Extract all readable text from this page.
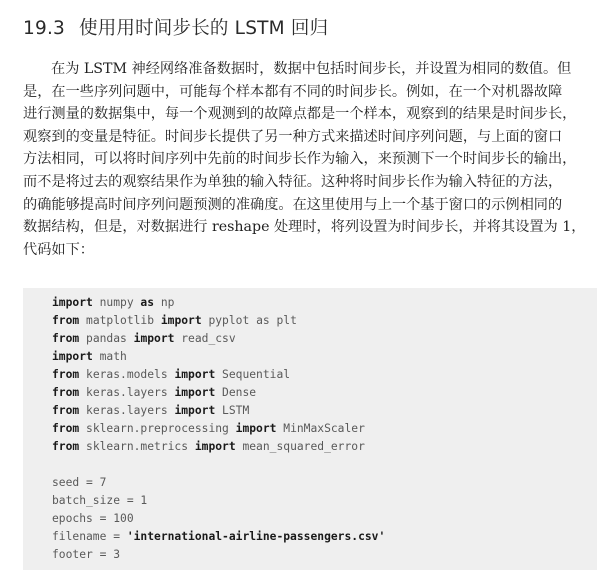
19.3 使用用时间步长的 LSTM 回归
在为 LSTM 神经网络准备数据时，数据中包括时间步长，并设置为相同的数值。但
是，在一些序列问题中，可能每个样本都有不同的时间步长。例如，在一个对机器故障
进行测量的数据集中，每一个观测到的故障点都是一个样本，观察到的结果是时间步长，
观察到的变量是特征。时间步长提供了另一种方式来描述时间序列问题，与上面的窗口
方法相同，可以将时间序列中先前的时间步长作为输入，来预测下一个时间步长的输出，
而不是将过去的观察结果作为单独的输入特征。这种将时间步长作为输入特征的方法，
的确能够提高时间序列问题预测的准确度。在这里使用与上一个基于窗口的示例相同的
数据结构，但是，对数据进行 reshape 处理时，将列设置为时间步长，并将其设置为 1，
代码如下：
import numpy as np
from matplotlib import pyplot as plt
from pandas import read_csv
import math
from keras.models import Sequential
from keras.layers import Dense
from keras.layers import LSTM
from sklearn.preprocessing import MinMaxScaler
from sklearn.metrics import mean_squared_error
seed = 7
batch_size = 1
epochs = 100
filename = 'international-airline-passengers.csv'
footer = 3
